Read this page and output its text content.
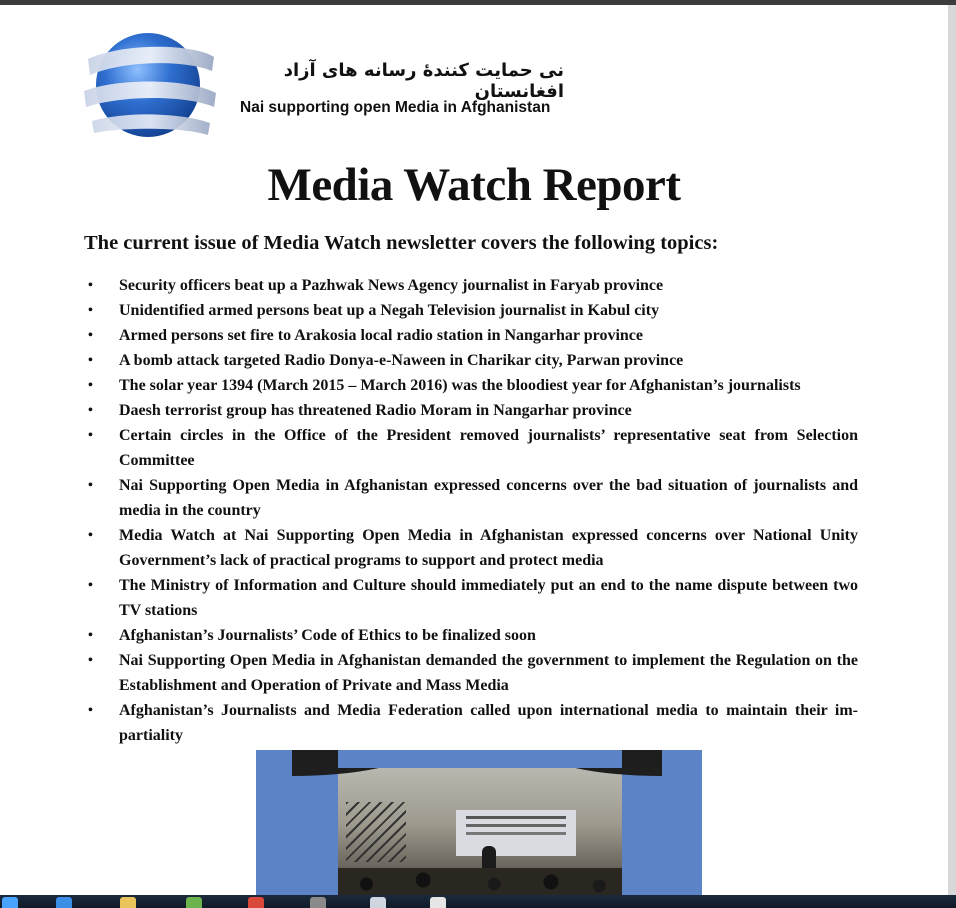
نی حمایت کنندۀ رسانه های آزاد افغانستان
Nai supporting open Media in Afghanistan
Media Watch Report
The current issue of Media Watch newsletter covers the following topics:
• Security officers beat up a Pazhwak News Agency journalist in Faryab province
• Unidentified armed persons beat up a Negah Television journalist in Kabul city
• Armed persons set fire to Arakosia local radio station in Nangarhar province
• A bomb attack targeted Radio Donya-e-Naween in Charikar city, Parwan province
• The solar year 1394 (March 2015 – March 2016) was the bloodiest year for Afghanistan’s journalists
• Daesh terrorist group has threatened Radio Moram in Nangarhar province
• Certain circles in the Office of the President removed journalists’ representative seat from Selection Committee
• Nai Supporting Open Media in Afghanistan expressed concerns over the bad situation of journalists and media in the country
• Media Watch at Nai Supporting Open Media in Afghanistan expressed concerns over National Unity Government’s lack of practical programs to support and protect media
• The Ministry of Information and Culture should immediately put an end to the name dispute between two TV stations
• Afghanistan’s Journalists’ Code of Ethics to be finalized soon
• Nai Supporting Open Media in Afghanistan demanded the government to implement the Regulation on the Establishment and Operation of Private and Mass Media
• Afghanistan’s Journalists and Media Federation called upon international media to maintain their im-partiality
